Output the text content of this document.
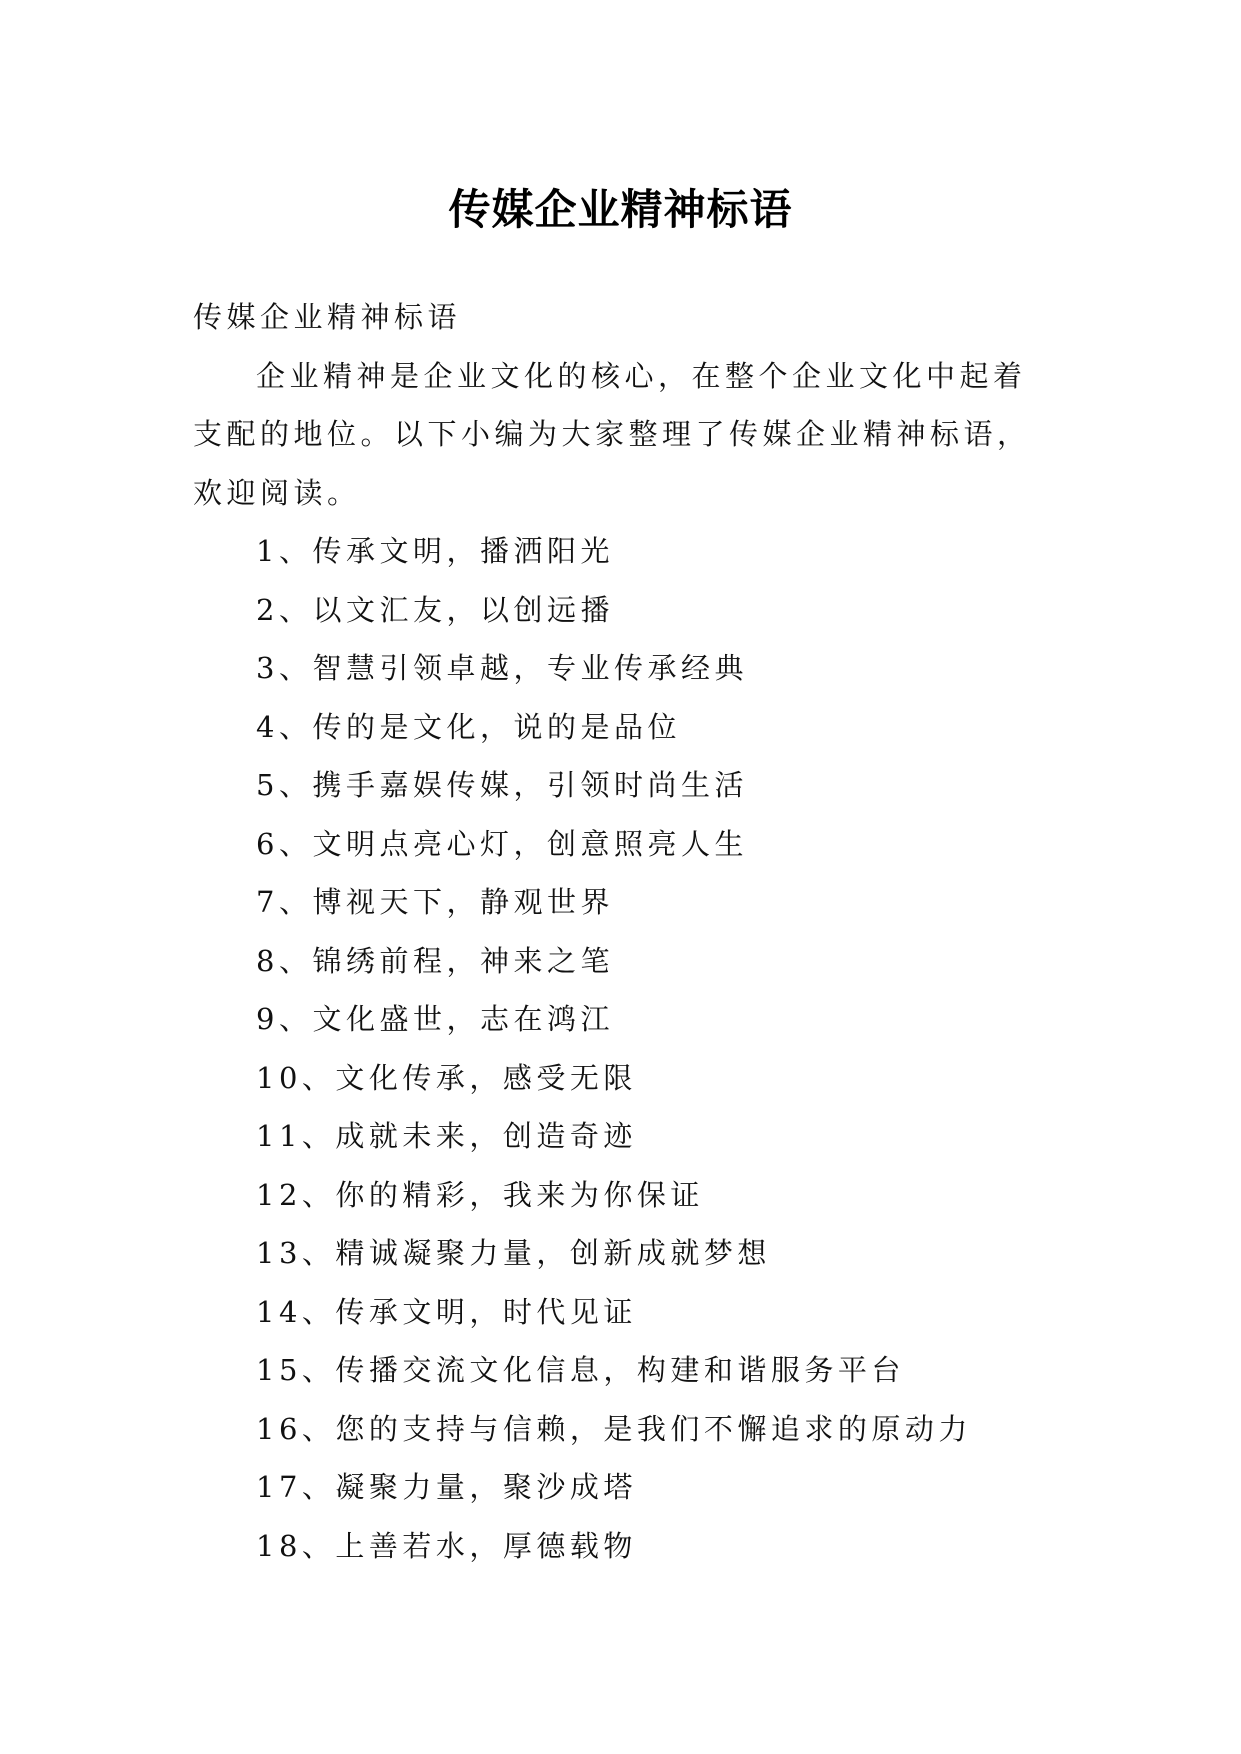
传媒企业精神标语

传媒企业精神标语

企业精神是企业文化的核心，在整个企业文化中起着支配的地位。以下小编为大家整理了传媒企业精神标语，欢迎阅读。

1、传承文明，播洒阳光
2、以文汇友，以创远播
3、智慧引领卓越，专业传承经典
4、传的是文化，说的是品位
5、携手嘉娱传媒，引领时尚生活
6、文明点亮心灯，创意照亮人生
7、博视天下，静观世界
8、锦绣前程，神来之笔
9、文化盛世，志在鸿江
10、文化传承，感受无限
11、成就未来，创造奇迹
12、你的精彩，我来为你保证
13、精诚凝聚力量，创新成就梦想
14、传承文明，时代见证
15、传播交流文化信息，构建和谐服务平台
16、您的支持与信赖，是我们不懈追求的原动力
17、凝聚力量，聚沙成塔
18、上善若水，厚德载物
